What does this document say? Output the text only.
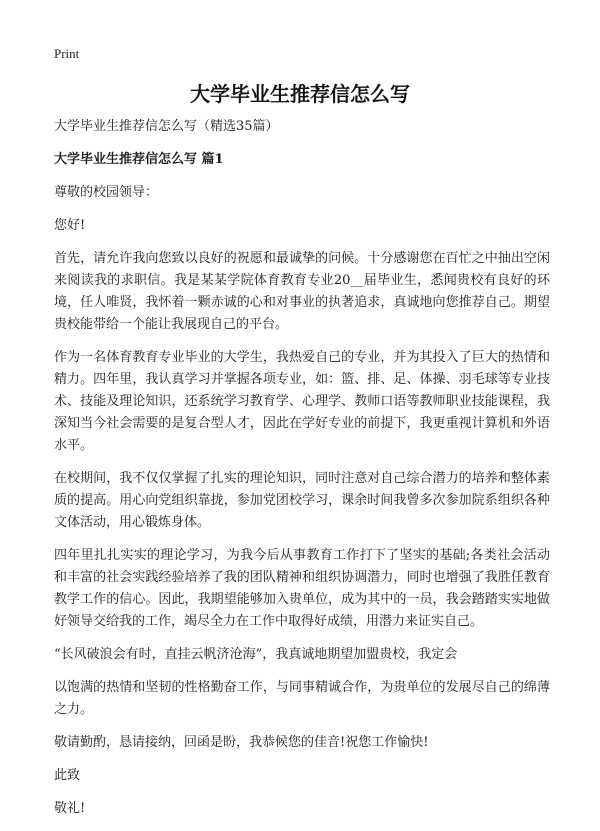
Print
大学毕业生推荐信怎么写

大学毕业生推荐信怎么写（精选35篇）

大学毕业生推荐信怎么写 篇1

尊敬的校园领导：

您好!

首先，请允许我向您致以良好的祝愿和最诚挚的问候。十分感谢您在百忙之中抽出空闲来阅读我的求职信。我是某某学院体育教育专业20__届毕业生，悉闻贵校有良好的环境，任人唯贤，我怀着一颗赤诚的心和对事业的执著追求，真诚地向您推荐自己。期望贵校能带给一个能让我展现自己的平台。

作为一名体育教育专业毕业的大学生，我热爱自己的专业，并为其投入了巨大的热情和精力。四年里，我认真学习并掌握各项专业，如：篮、排、足、体操、羽毛球等专业技术、技能及理论知识，还系统学习教育学、心理学、教师口语等教师职业技能课程，我深知当今社会需要的是复合型人才，因此在学好专业的前提下，我更重视计算机和外语水平。

在校期间，我不仅仅掌握了扎实的理论知识，同时注意对自己综合潜力的培养和整体素质的提高。用心向党组织靠拢，参加党团校学习，课余时间我曾多次参加院系组织各种文体活动，用心锻炼身体。

四年里扎扎实实的理论学习，为我今后从事教育工作打下了坚实的基础;各类社会活动和丰富的社会实践经验培养了我的团队精神和组织协调潜力，同时也增强了我胜任教育教学工作的信心。因此，我期望能够加入贵单位，成为其中的一员，我会踏踏实实地做好领导交给我的工作，竭尽全力在工作中取得好成绩，用潜力来证实自己。

“长风破浪会有时，直挂云帆济沧海”，我真诚地期望加盟贵校，我定会

以饱满的热情和坚韧的性格勤奋工作，与同事精诚合作，为贵单位的发展尽自己的绵薄之力。

敬请勤酌，恳请接纳，回函是盼，我恭候您的佳音!祝您工作愉快!

此致

敬礼!
